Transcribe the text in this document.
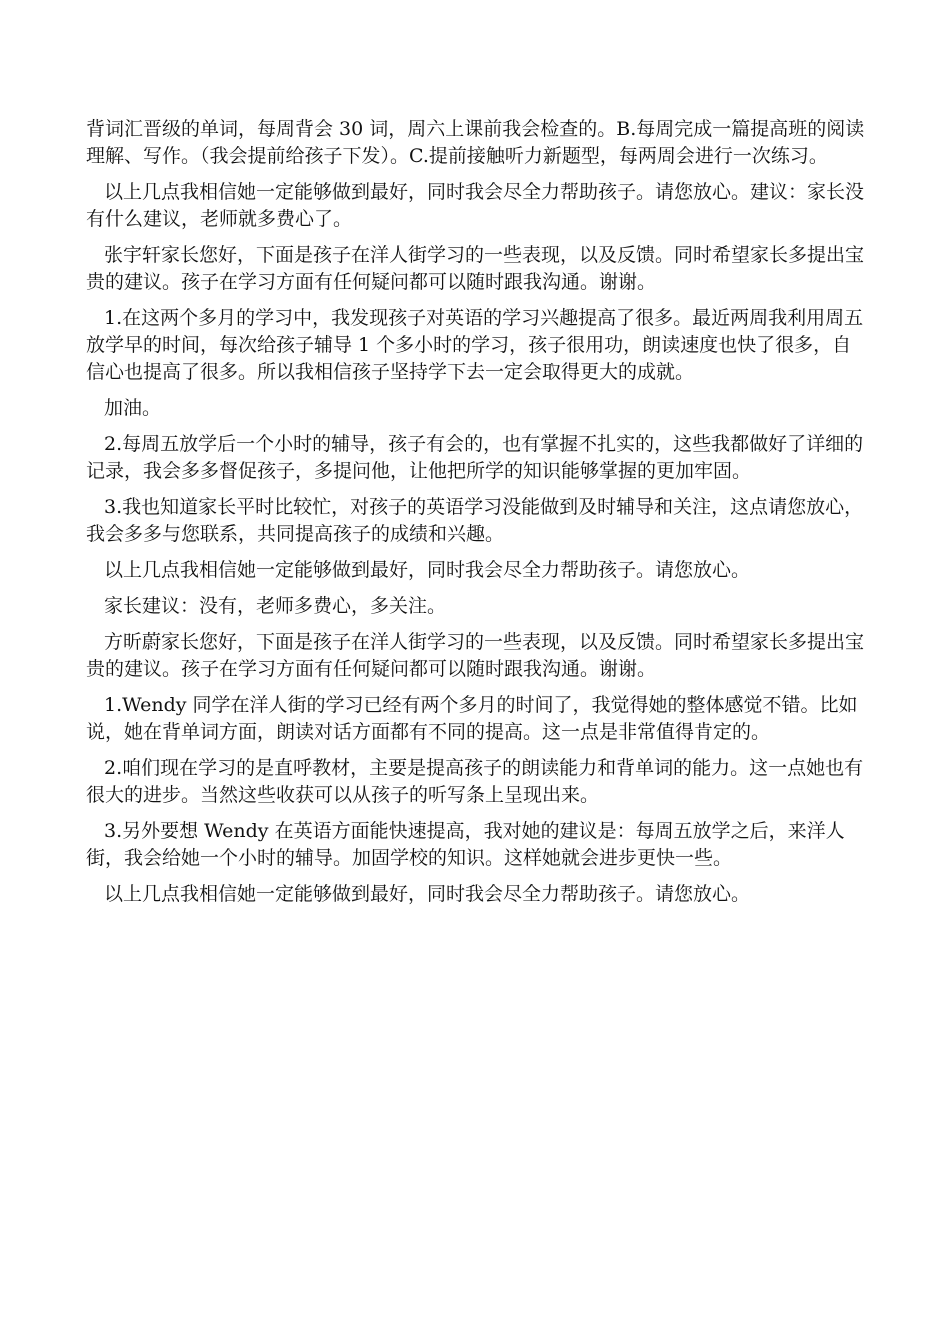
背词汇晋级的单词，每周背会 30 词，周六上课前我会检查的。B.每周完成一篇提高班的阅读理解、写作。（我会提前给孩子下发）。C.提前接触听力新题型，每两周会进行一次练习。

以上几点我相信她一定能够做到最好，同时我会尽全力帮助孩子。请您放心。建议：家长没有什么建议，老师就多费心了。

张宇轩家长您好，下面是孩子在洋人街学习的一些表现，以及反馈。同时希望家长多提出宝贵的建议。孩子在学习方面有任何疑问都可以随时跟我沟通。谢谢。

1.在这两个多月的学习中，我发现孩子对英语的学习兴趣提高了很多。最近两周我利用周五放学早的时间，每次给孩子辅导 1 个多小时的学习，孩子很用功，朗读速度也快了很多，自信心也提高了很多。所以我相信孩子坚持学下去一定会取得更大的成就。

加油。

2.每周五放学后一个小时的辅导，孩子有会的，也有掌握不扎实的，这些我都做好了详细的记录，我会多多督促孩子，多提问他，让他把所学的知识能够掌握的更加牢固。

3.我也知道家长平时比较忙，对孩子的英语学习没能做到及时辅导和关注，这点请您放心，我会多多与您联系，共同提高孩子的成绩和兴趣。

以上几点我相信她一定能够做到最好，同时我会尽全力帮助孩子。请您放心。

家长建议：没有，老师多费心，多关注。

方昕蔚家长您好，下面是孩子在洋人街学习的一些表现，以及反馈。同时希望家长多提出宝贵的建议。孩子在学习方面有任何疑问都可以随时跟我沟通。谢谢。

1.Wendy 同学在洋人街的学习已经有两个多月的时间了，我觉得她的整体感觉不错。比如说，她在背单词方面，朗读对话方面都有不同的提高。这一点是非常值得肯定的。

2.咱们现在学习的是直呼教材，主要是提高孩子的朗读能力和背单词的能力。这一点她也有很大的进步。当然这些收获可以从孩子的听写条上呈现出来。

3.另外要想 Wendy 在英语方面能快速提高，我对她的建议是：每周五放学之后，来洋人街，我会给她一个小时的辅导。加固学校的知识。这样她就会进步更快一些。

以上几点我相信她一定能够做到最好，同时我会尽全力帮助孩子。请您放心。
